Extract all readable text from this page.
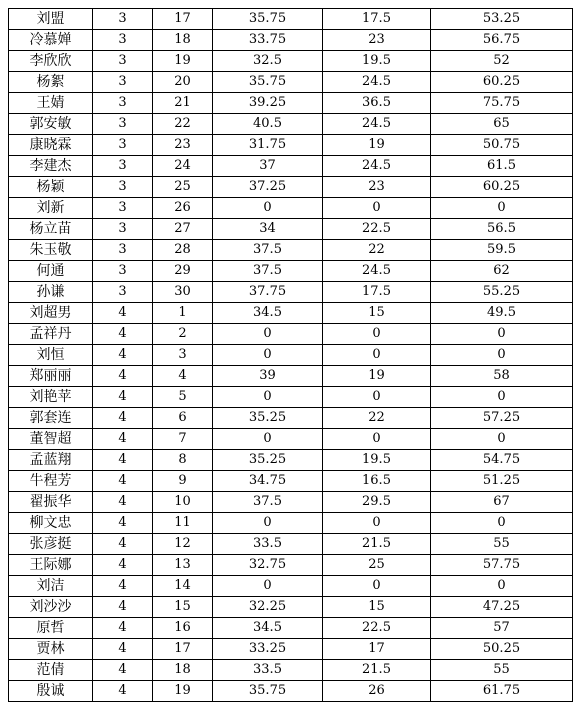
刘盟	3	17	35.75	17.5	53.25
冷慕婵	3	18	33.75	23	56.75
李欣欣	3	19	32.5	19.5	52
杨絮	3	20	35.75	24.5	60.25
王婧	3	21	39.25	36.5	75.75
郭安敏	3	22	40.5	24.5	65
康晓霖	3	23	31.75	19	50.75
李建杰	3	24	37	24.5	61.5
杨颖	3	25	37.25	23	60.25
刘新	3	26	0	0	0
杨立苗	3	27	34	22.5	56.5
朱玉敬	3	28	37.5	22	59.5
何通	3	29	37.5	24.5	62
孙谦	3	30	37.75	17.5	55.25
刘超男	4	1	34.5	15	49.5
孟祥丹	4	2	0	0	0
刘恒	4	3	0	0	0
郑丽丽	4	4	39	19	58
刘艳苹	4	5	0	0	0
郭套连	4	6	35.25	22	57.25
董智超	4	7	0	0	0
孟蓝翔	4	8	35.25	19.5	54.75
牛程芳	4	9	34.75	16.5	51.25
翟振华	4	10	37.5	29.5	67
柳文忠	4	11	0	0	0
张彦挺	4	12	33.5	21.5	55
王际娜	4	13	32.75	25	57.75
刘洁	4	14	0	0	0
刘沙沙	4	15	32.25	15	47.25
原哲	4	16	34.5	22.5	57
贾林	4	17	33.25	17	50.25
范倩	4	18	33.5	21.5	55
殷诚	4	19	35.75	26	61.75
